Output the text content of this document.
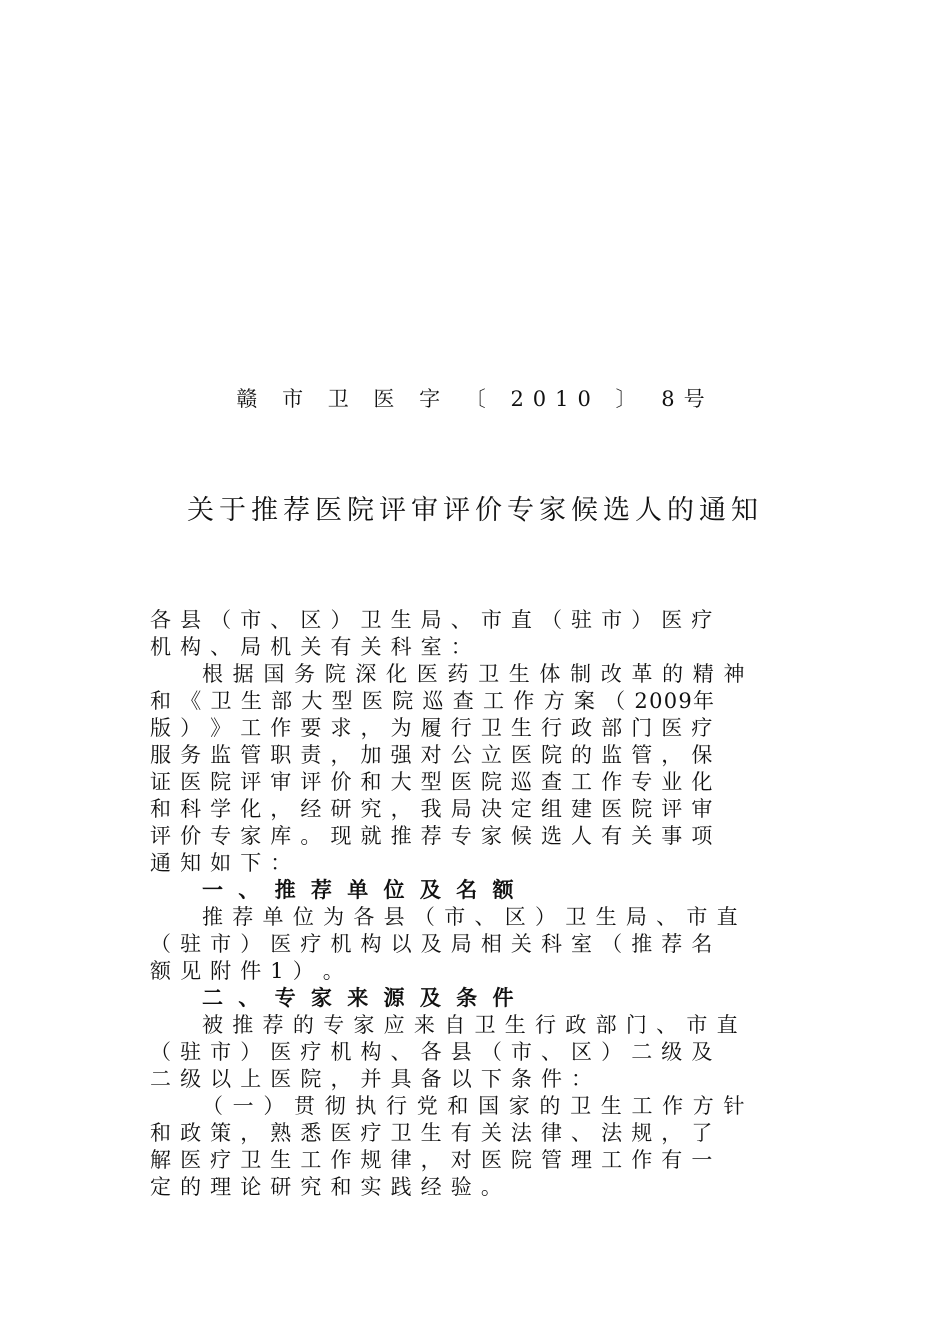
赣 市 卫 医 字 〔 2010 〕 8号
关于推荐医院评审评价专家候选人的通知
各 县 （ 市 、 区 ） 卫 生 局 、 市 直 （ 驻 市 ） 医 疗
机 构 、 局 机 关 有 关 科 室 ：
根 据 国 务 院 深 化 医 药 卫 生 体 制 改 革 的 精 神
和 《 卫 生 部 大 型 医 院 巡 查 工 作 方 案 （ 2009年
版 ） 》 工 作 要 求 ， 为 履 行 卫 生 行 政 部 门 医 疗
服 务 监 管 职 责 ， 加 强 对 公 立 医 院 的 监 管 ， 保
证 医 院 评 审 评 价 和 大 型 医 院 巡 查 工 作 专 业 化
和 科 学 化 ， 经 研 究 ， 我 局 决 定 组 建 医 院 评 审
评 价 专 家 库 。 现 就 推 荐 专 家 候 选 人 有 关 事 项
通 知 如 下 ：
一 、 推 荐 单 位 及 名 额
推 荐 单 位 为 各 县 （ 市 、 区 ） 卫 生 局 、 市 直
（ 驻 市 ） 医 疗 机 构 以 及 局 相 关 科 室 （ 推 荐 名
额 见 附 件 1 ） 。
二 、 专 家 来 源 及 条 件
被 推 荐 的 专 家 应 来 自 卫 生 行 政 部 门 、 市 直
（ 驻 市 ） 医 疗 机 构 、 各 县 （ 市 、 区 ） 二 级 及
二 级 以 上 医 院 ， 并 具 备 以 下 条 件 ：
（ 一 ） 贯 彻 执 行 党 和 国 家 的 卫 生 工 作 方 针
和 政 策 ， 熟 悉 医 疗 卫 生 有 关 法 律 、 法 规 ， 了
解 医 疗 卫 生 工 作 规 律 ， 对 医 院 管 理 工 作 有 一
定 的 理 论 研 究 和 实 践 经 验 。
